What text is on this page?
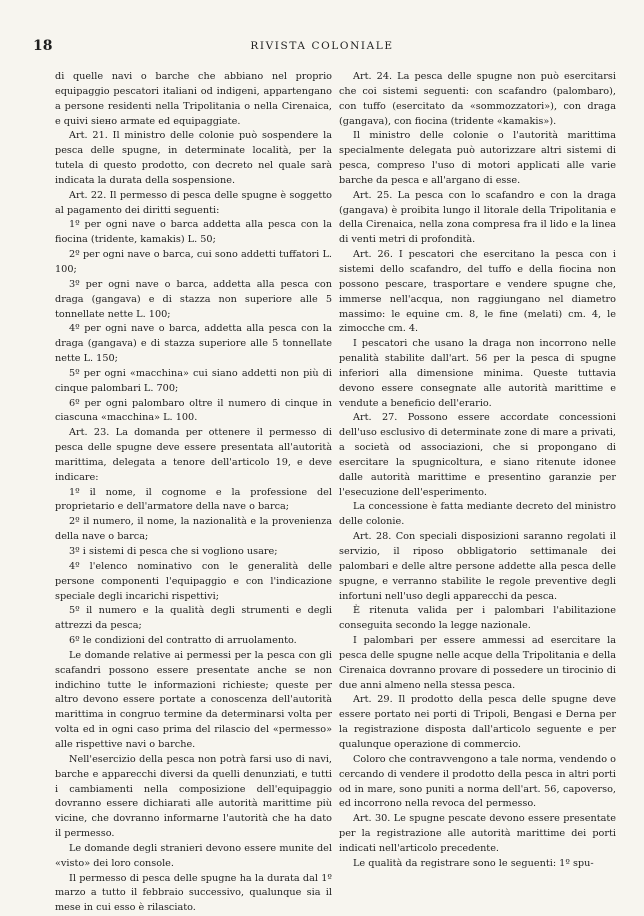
18	RIVISTA COLONIALE

di quelle navi o barche che abbiano nel proprio equipaggio pescatori italiani od indigeni, appartengano a persone residenti nella Tripolitania o nella Cirenaica, e quivi siено armate ed equipaggiate.

Art. 21. Il ministro delle colonie può sospendere la pesca delle spugne, in determinate località, per la tutela di questo prodotto, con decreto nel quale sarà indicata la durata della sospensione.

Art. 22. Il permesso di pesca delle spugne è soggetto al pagamento dei diritti seguenti:

1º per ogni nave o barca addetta alla pesca con la fiocina (tridente, kamakis) L. 50;

2º per ogni nave o barca, cui sono addetti tuffatori L. 100;

3º per ogni nave o barca, addetta alla pesca con draga (gangava) e di stazza non superiore alle 5 tonnellate nette L. 100;

4º per ogni nave o barca, addetta alla pesca con la draga (gangava) e di stazza superiore alle 5 tonnellate nette L. 150;

5º per ogni «macchina» cui siano addetti non più di cinque palombari L. 700;

6º per ogni palombaro oltre il numero di cinque in ciascuna «macchina» L. 100.

Art. 23. La domanda per ottenere il permesso di pesca delle spugne deve essere presentata all'autorità marittima, delegata a tenore dell'articolo 19, e deve indicare:

1º il nome, il cognome e la professione del proprietario e dell'armatore della nave o barca;

2º il numero, il nome, la nazionalità e la provenienza della nave o barca;

3º i sistemi di pesca che si vogliono usare;

4º l'elenco nominativo con le generalità delle persone componenti l'equipaggio e con l'indicazione speciale degli incarichi rispettivi;

5º il numero e la qualità degli strumenti e degli attrezzi da pesca;

6º le condizioni del contratto di arruolamento.

Le domande relative ai permessi per la pesca con gli scafandri possono essere presentate anche se non indichino tutte le informazioni richieste; queste per altro devono essere portate a conoscenza dell'autorità marittima in congruo termine da determinarsi volta per volta ed in ogni caso prima del rilascio del «permesso» alle rispettive navi o barche.

Nell'esercizio della pesca non potrà farsi uso di navi, barche e apparecchi diversi da quelli denunziati, e tutti i cambiamenti nella composizione dell'equipaggio dovranno essere dichiarati alle autorità marittime più vicine, che dovranno informarne l'autorità che ha dato il permesso.

Le domande degli stranieri devono essere munite del «visto» dei loro console.

Il permesso di pesca delle spugne ha la durata dal 1º marzo a tutto il febbraio successivo, qualunque sia il mese in cui esso è rilasciato.

Art. 24. La pesca delle spugne non può esercitarsi che coi sistemi seguenti: con scafandro (palombaro), con tuffo (esercitato da «sommozzatori»), con draga (gangava), con fiocina (tridente «kamakis»).

Il ministro delle colonie o l'autorità marittima specialmente delegata può autorizzare altri sistemi di pesca, compreso l'uso di motori applicati alle varie barche da pesca e all'argano di esse.

Art. 25. La pesca con lo scafandro e con la draga (gangava) è proibita lungo il litorale della Tripolitania e della Cirenaica, nella zona compresa fra il lido e la linea di venti metri di profondità.

Art. 26. I pescatori che esercitano la pesca con i sistemi dello scafandro, del tuffo e della fiocina non possono pescare, trasportare e vendere spugne che, immerse nell'acqua, non raggiungano nel diametro massimo: le equine cm. 8, le fine (melati) cm. 4, le zimocche cm. 4.

I pescatori che usano la draga non incorrono nelle penalità stabilite dall'art. 56 per la pesca di spugne inferiori alla dimensione minima. Queste tuttavia devono essere consegnate alle autorità marittime e vendute a beneficio dell'erario.

Art. 27. Possono essere accordate concessioni dell'uso esclusivo di determinate zone di mare a privati, a società od associazioni, che si propongano di esercitare la spugnicoltura, e siano ritenute idonee dalle autorità marittime e presentino garanzie per l'esecuzione dell'esperimento.

La concessione è fatta mediante decreto del ministro delle colonie.

Art. 28. Con speciali disposizioni saranno regolati il servizio, il riposo obbligatorio settimanale dei palombari e delle altre persone addette alla pesca delle spugne, e verranno stabilite le regole preventive degli infortuni nell'uso degli apparecchi da pesca.

È ritenuta valida per i palombari l'abilitazione conseguita secondo la legge nazionale.

I palombari per essere ammessi ad esercitare la pesca delle spugne nelle acque della Tripolitania e della Cirenaica dovranno provare di possedere un tirocinio di due anni almeno nella stessa pesca.

Art. 29. Il prodotto della pesca delle spugne deve essere portato nei porti di Tripoli, Bengasi e Derna per la registrazione disposta dall'articolo seguente e per qualunque operazione di commercio.

Coloro che contravvengono a tale norma, vendendo o cercando di vendere il prodotto della pesca in altri porti od in mare, sono puniti a norma dell'art. 56, capoverso, ed incorrono nella revoca del permesso.

Art. 30. Le spugne pescate devono essere presentate per la registrazione alle autorità marittime dei porti indicati nell'articolo precedente.

Le qualità da registrare sono le seguenti: 1º spu-
